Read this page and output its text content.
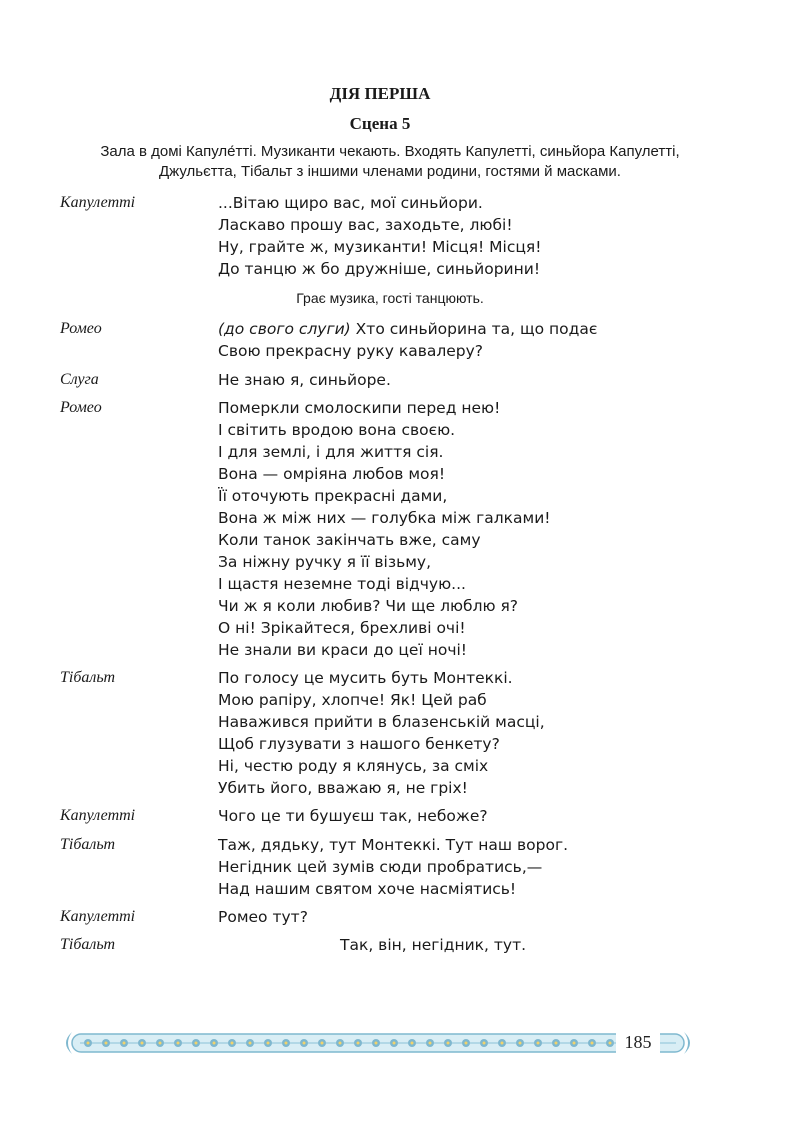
ДІЯ ПЕРША
Сцена 5
Зала в домі Капуле́тті. Музиканти чекають. Входять Капулетті, синьйора Капулетті, Джульєтта, Тібальт з іншими членами родини, гостями й масками.
Капулетті	...Вітаю щиро вас, мої синьйори.
Ласкаво прошу вас, заходьте, любі!
Ну, грайте ж, музиканти! Місця! Місця!
До танцю ж бо дружніше, синьйорини!
Грає музика, гості танцюють.
Ромео	(до свого слуги) Хто синьйорина та, що подає
Свою прекрасну руку кавалеру?
Слуга	Не знаю я, синьйоре.
Ромео	Померкли смолоскипи перед нею!
І світить вродою вона своєю.
І для землі, і для життя сія.
Вона — омріяна любов моя!
Її оточують прекрасні дами,
Вона ж між них — голубка між галками!
Коли танок закінчать вже, саму
За ніжну ручку я її візьму,
І щастя неземне тоді відчую...
Чи ж я коли любив? Чи ще люблю я?
О ні! Зрікайтеся, брехливі очі!
Не знали ви краси до цеї ночі!
Тібальт	По голосу це мусить буть Монтеккі.
Мою рапіру, хлопче! Як! Цей раб
Наважився прийти в блазенській масці,
Щоб глузувати з нашого бенкету?
Ні, честю роду я клянусь, за сміх
Убить його, вважаю я, не гріх!
Капулетті	Чого це ти бушуєш так, небоже?
Тібальт	Таж, дядьку, тут Монтеккі. Тут наш ворог.
Негідник цей зумів сюди пробратись,—
Над нашим святом хоче насміятись!
Капулетті	Ромео тут?
Тібальт	Так, він, негідник, тут.
185
